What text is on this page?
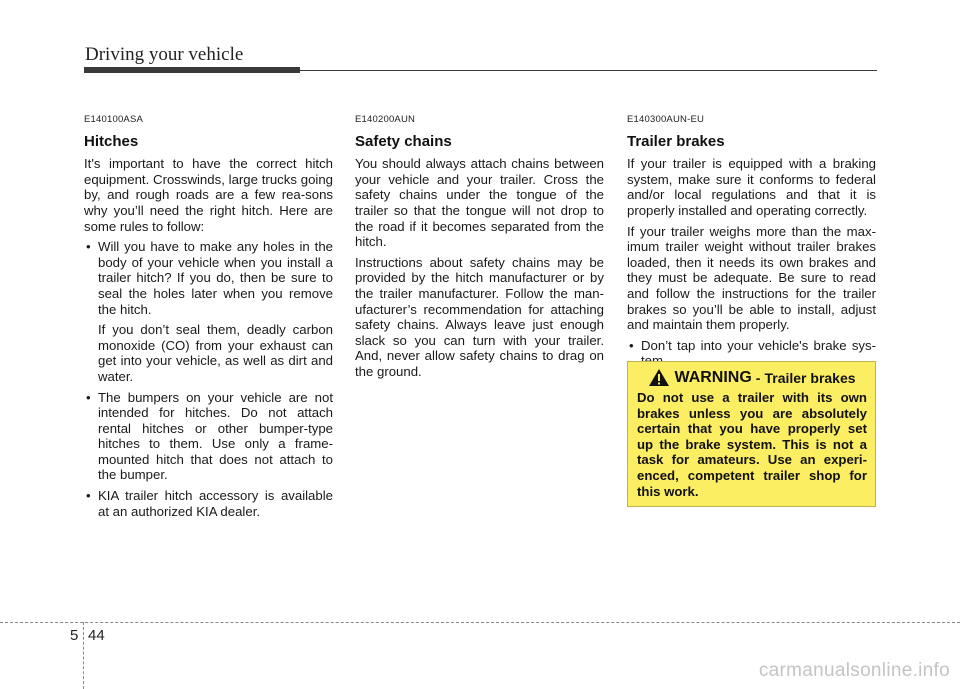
Driving your vehicle
E140100ASA
Hitches

It's important to have the correct hitch equipment. Crosswinds, large trucks going by, and rough roads are a few rea-sons why you’ll need the right hitch. Here are some rules to follow:

• Will you have to make any holes in the body of your vehicle when you install a trailer hitch? If you do, then be sure to seal the holes later when you remove the hitch.
If you don’t seal them, deadly carbon monoxide (CO) from your exhaust can get into your vehicle, as well as dirt and water.
• The bumpers on your vehicle are not intended for hitches. Do not attach rental hitches or other bumper-type hitches to them. Use only a frame-mounted hitch that does not attach to the bumper.
• KIA trailer hitch accessory is available at an authorized KIA dealer.
E140200AUN
Safety chains

You should always attach chains between your vehicle and your trailer. Cross the safety chains under the tongue of the trailer so that the tongue will not drop to the road if it becomes separated from the hitch.

Instructions about safety chains may be provided by the hitch manufacturer or by the trailer manufacturer. Follow the man-ufacturer’s recommendation for attaching safety chains. Always leave just enough slack so you can turn with your trailer. And, never allow safety chains to drag on the ground.

E140300AUN-EU
Trailer brakes

If your trailer is equipped with a braking system, make sure it conforms to federal and/or local regulations and that it is properly installed and operating correctly.

If your trailer weighs more than the max-imum trailer weight without trailer brakes loaded, then it needs its own brakes and they must be adequate. Be sure to read and follow the instructions for the trailer brakes so you’ll be able to install, adjust and maintain them properly.

• Don’t tap into your vehicle's brake sys-
WARNING - Trailer brakes

Do not use a trailer with its own brakes unless you are absolutely certain that you have properly set up the brake system. This is not a task for amateurs. Use an experi-enced, competent trailer shop for this work.

5 44
carmanualsonline.info
